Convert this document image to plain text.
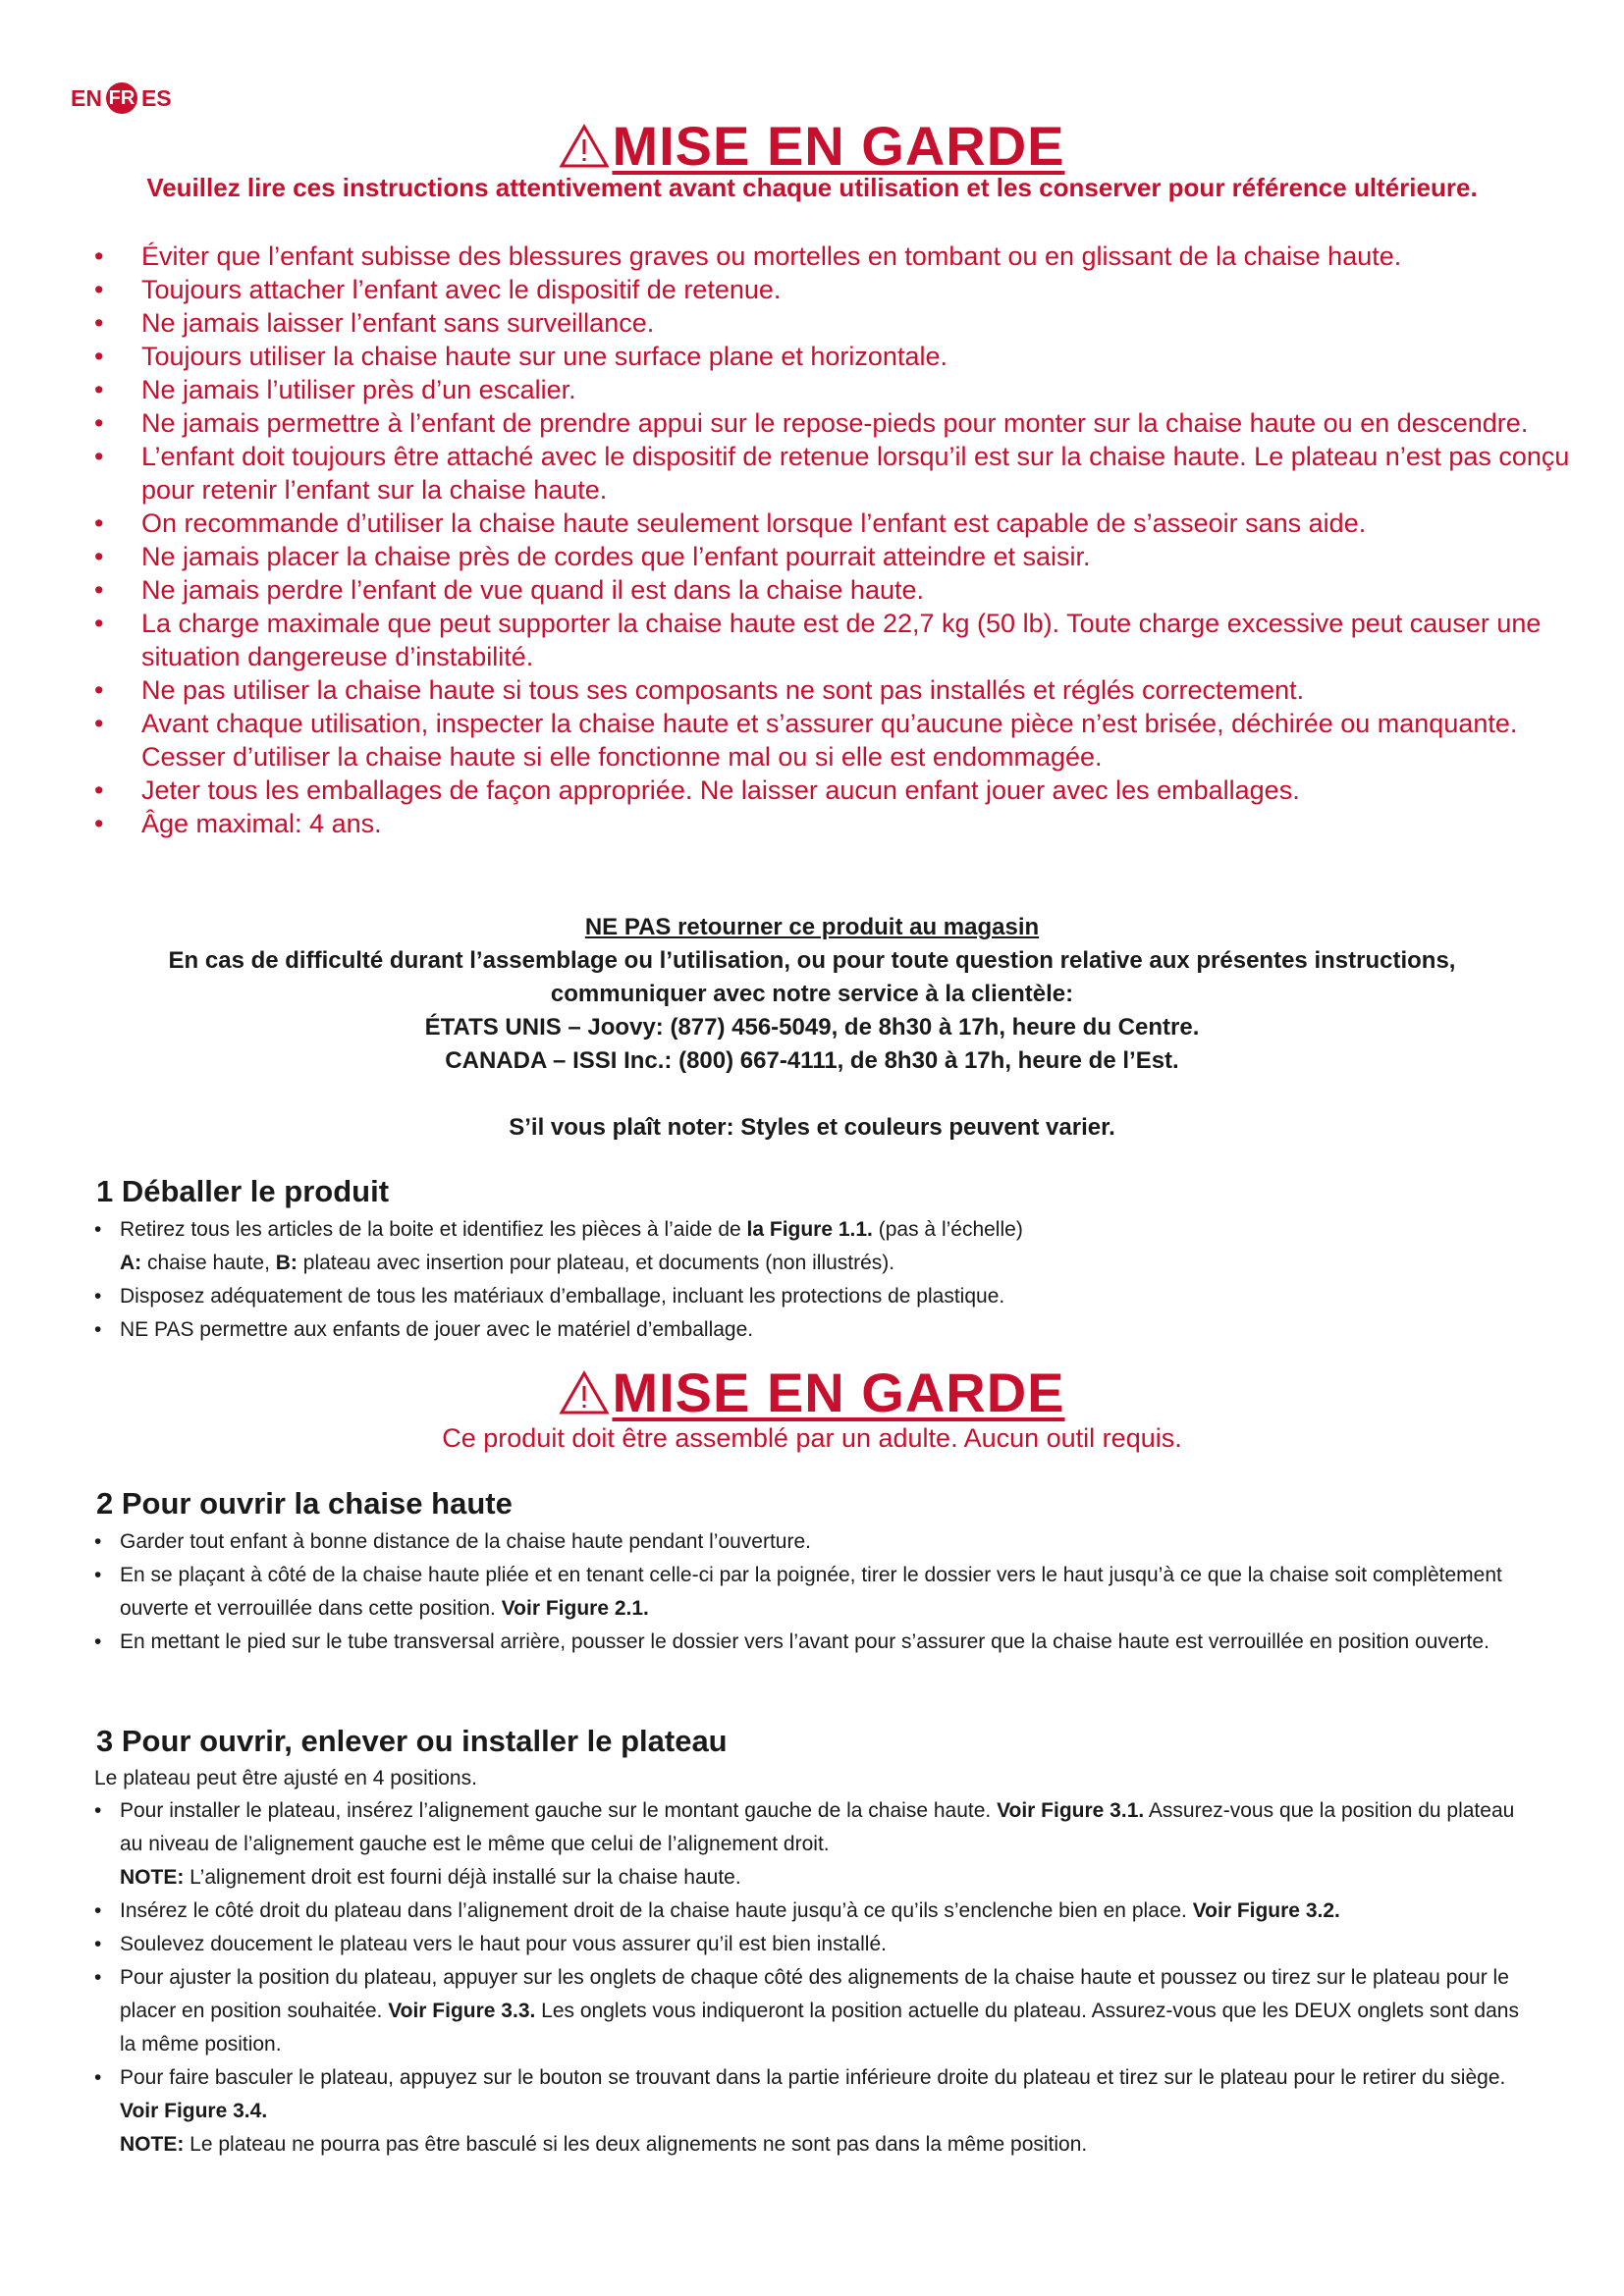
EN FR ES
MISE EN GARDE
Veuillez lire ces instructions attentivement avant chaque utilisation et les conserver pour référence ultérieure.
• Éviter que l’enfant subisse des blessures graves ou mortelles en tombant ou en glissant de la chaise haute.
• Toujours attacher l’enfant avec le dispositif de retenue.
• Ne jamais laisser l’enfant sans surveillance.
• Toujours utiliser la chaise haute sur une surface plane et horizontale.
• Ne jamais l’utiliser près d’un escalier.
• Ne jamais permettre à l’enfant de prendre appui sur le repose-pieds pour monter sur la chaise haute ou en descendre.
• L’enfant doit toujours être attaché avec le dispositif de retenue lorsqu’il est sur la chaise haute. Le plateau n’est pas conçu pour retenir l’enfant sur la chaise haute.
• On recommande d’utiliser la chaise haute seulement lorsque l’enfant est capable de s’asseoir sans aide.
• Ne jamais placer la chaise près de cordes que l’enfant pourrait atteindre et saisir.
• Ne jamais perdre l’enfant de vue quand il est dans la chaise haute.
• La charge maximale que peut supporter la chaise haute est de 22,7 kg (50 lb). Toute charge excessive peut causer une situation dangereuse d’instabilité.
• Ne pas utiliser la chaise haute si tous ses composants ne sont pas installés et réglés correctement.
• Avant chaque utilisation, inspecter la chaise haute et s’assurer qu’aucune pièce n’est brisée, déchirée ou manquante. Cesser d’utiliser la chaise haute si elle fonctionne mal ou si elle est endommagée.
• Jeter tous les emballages de façon appropriée. Ne laisser aucun enfant jouer avec les emballages.
• Âge maximal: 4 ans.
NE PAS retourner ce produit au magasin
En cas de difficulté durant l’assemblage ou l’utilisation, ou pour toute question relative aux présentes instructions,
communiquer avec notre service à la clientèle:
ÉTATS UNIS – Joovy: (877) 456-5049, de 8h30 à 17h, heure du Centre.
CANADA – ISSI Inc.: (800) 667-4111, de 8h30 à 17h, heure de l’Est.
S’il vous plaît noter: Styles et couleurs peuvent varier.
1 Déballer le produit
• Retirez tous les articles de la boite et identifiez les pièces à l’aide de la Figure 1.1. (pas à l’échelle)
A: chaise haute, B: plateau avec insertion pour plateau, et documents (non illustrés).
• Disposez adéquatement de tous les matériaux d’emballage, incluant les protections de plastique.
• NE PAS permettre aux enfants de jouer avec le matériel d’emballage.
MISE EN GARDE
Ce produit doit être assemblé par un adulte. Aucun outil requis.
2 Pour ouvrir la chaise haute
• Garder tout enfant à bonne distance de la chaise haute pendant l’ouverture.
• En se plaçant à côté de la chaise haute pliée et en tenant celle-ci par la poignée, tirer le dossier vers le haut jusqu’à ce que la chaise soit complètement ouverte et verrouillée dans cette position. Voir Figure 2.1.
• En mettant le pied sur le tube transversal arrière, pousser le dossier vers l’avant pour s’assurer que la chaise haute est verrouillée en position ouverte.
3 Pour ouvrir, enlever ou installer le plateau
Le plateau peut être ajusté en 4 positions.
• Pour installer le plateau, insérez l’alignement gauche sur le montant gauche de la chaise haute. Voir Figure 3.1. Assurez-vous que la position du plateau au niveau de l’alignement gauche est le même que celui de l’alignement droit.
NOTE: L’alignement droit est fourni déjà installé sur la chaise haute.
• Insérez le côté droit du plateau dans l’alignement droit de la chaise haute jusqu’à ce qu’ils s’enclenche bien en place. Voir Figure 3.2.
• Soulevez doucement le plateau vers le haut pour vous assurer qu’il est bien installé.
• Pour ajuster la position du plateau, appuyer sur les onglets de chaque côté des alignements de la chaise haute et poussez ou tirez sur le plateau pour le placer en position souhaitée. Voir Figure 3.3. Les onglets vous indiqueront la position actuelle du plateau. Assurez-vous que les DEUX onglets sont dans la même position.
• Pour faire basculer le plateau, appuyez sur le bouton se trouvant dans la partie inférieure droite du plateau et tirez sur le plateau pour le retirer du siège. Voir Figure 3.4.
NOTE: Le plateau ne pourra pas être basculé si les deux alignements ne sont pas dans la même position.
